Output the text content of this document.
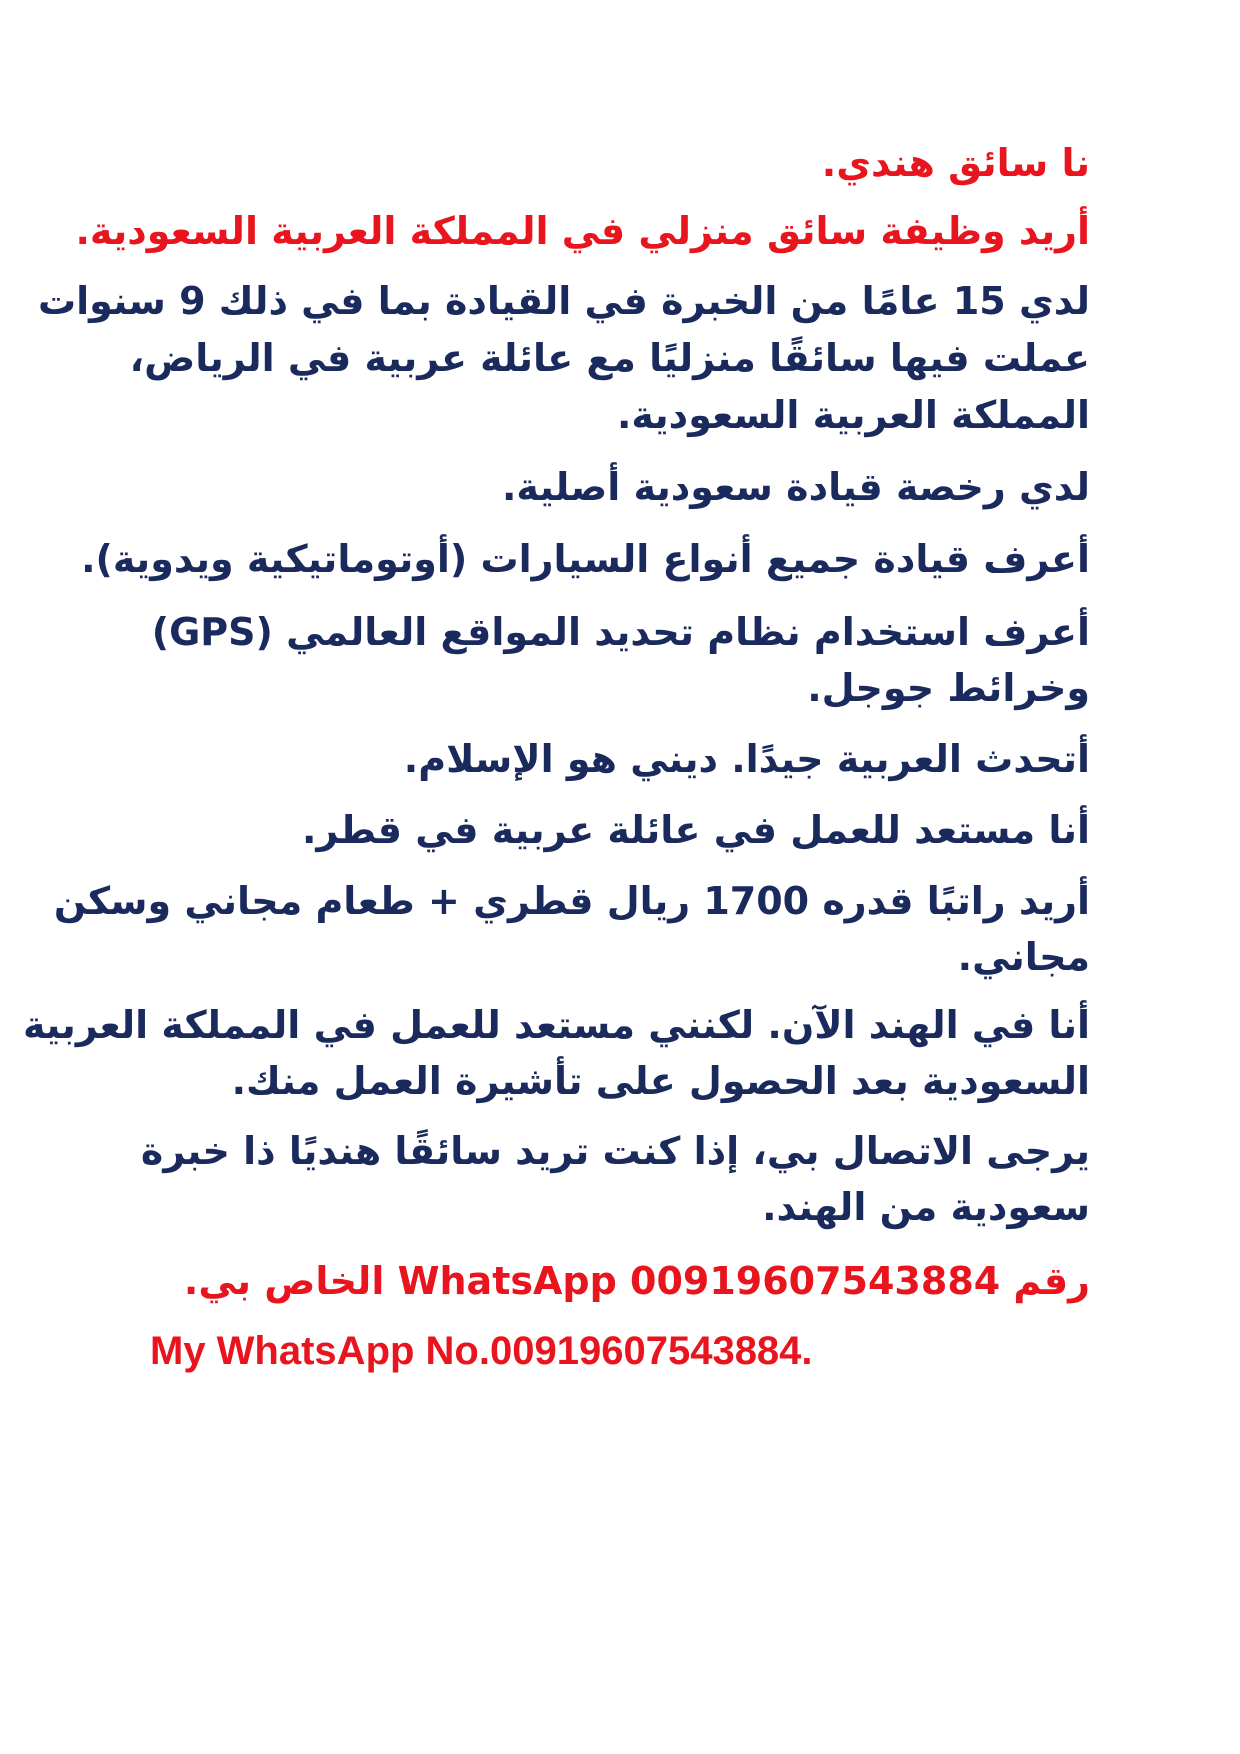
نا سائق هندي.

أريد وظيفة سائق منزلي في المملكة العربية السعودية.

لدي 15 عامًا من الخبرة في القيادة بما في ذلك 9 سنوات

عملت فيها سائقًا منزليًا مع عائلة عربية في الرياض،

المملكة العربية السعودية.

لدي رخصة قيادة سعودية أصلية.

أعرف قيادة جميع أنواع السيارات (أوتوماتيكية ويدوية).

أعرف استخدام نظام تحديد المواقع العالمي (GPS)

وخرائط جوجل.

أتحدث العربية جيدًا. ديني هو الإسلام.

أنا مستعد للعمل في عائلة عربية في قطر.

أريد راتبًا قدره 1700 ريال قطري + طعام مجاني وسكن

مجاني.

أنا في الهند الآن. لكنني مستعد للعمل في المملكة العربية

السعودية بعد الحصول على تأشيرة العمل منك.

يرجى الاتصال بي، إذا كنت تريد سائقًا هنديًا ذا خبرة

سعودية من الهند.

رقم WhatsApp 00919607543884 الخاص بي.

My WhatsApp No.00919607543884.
